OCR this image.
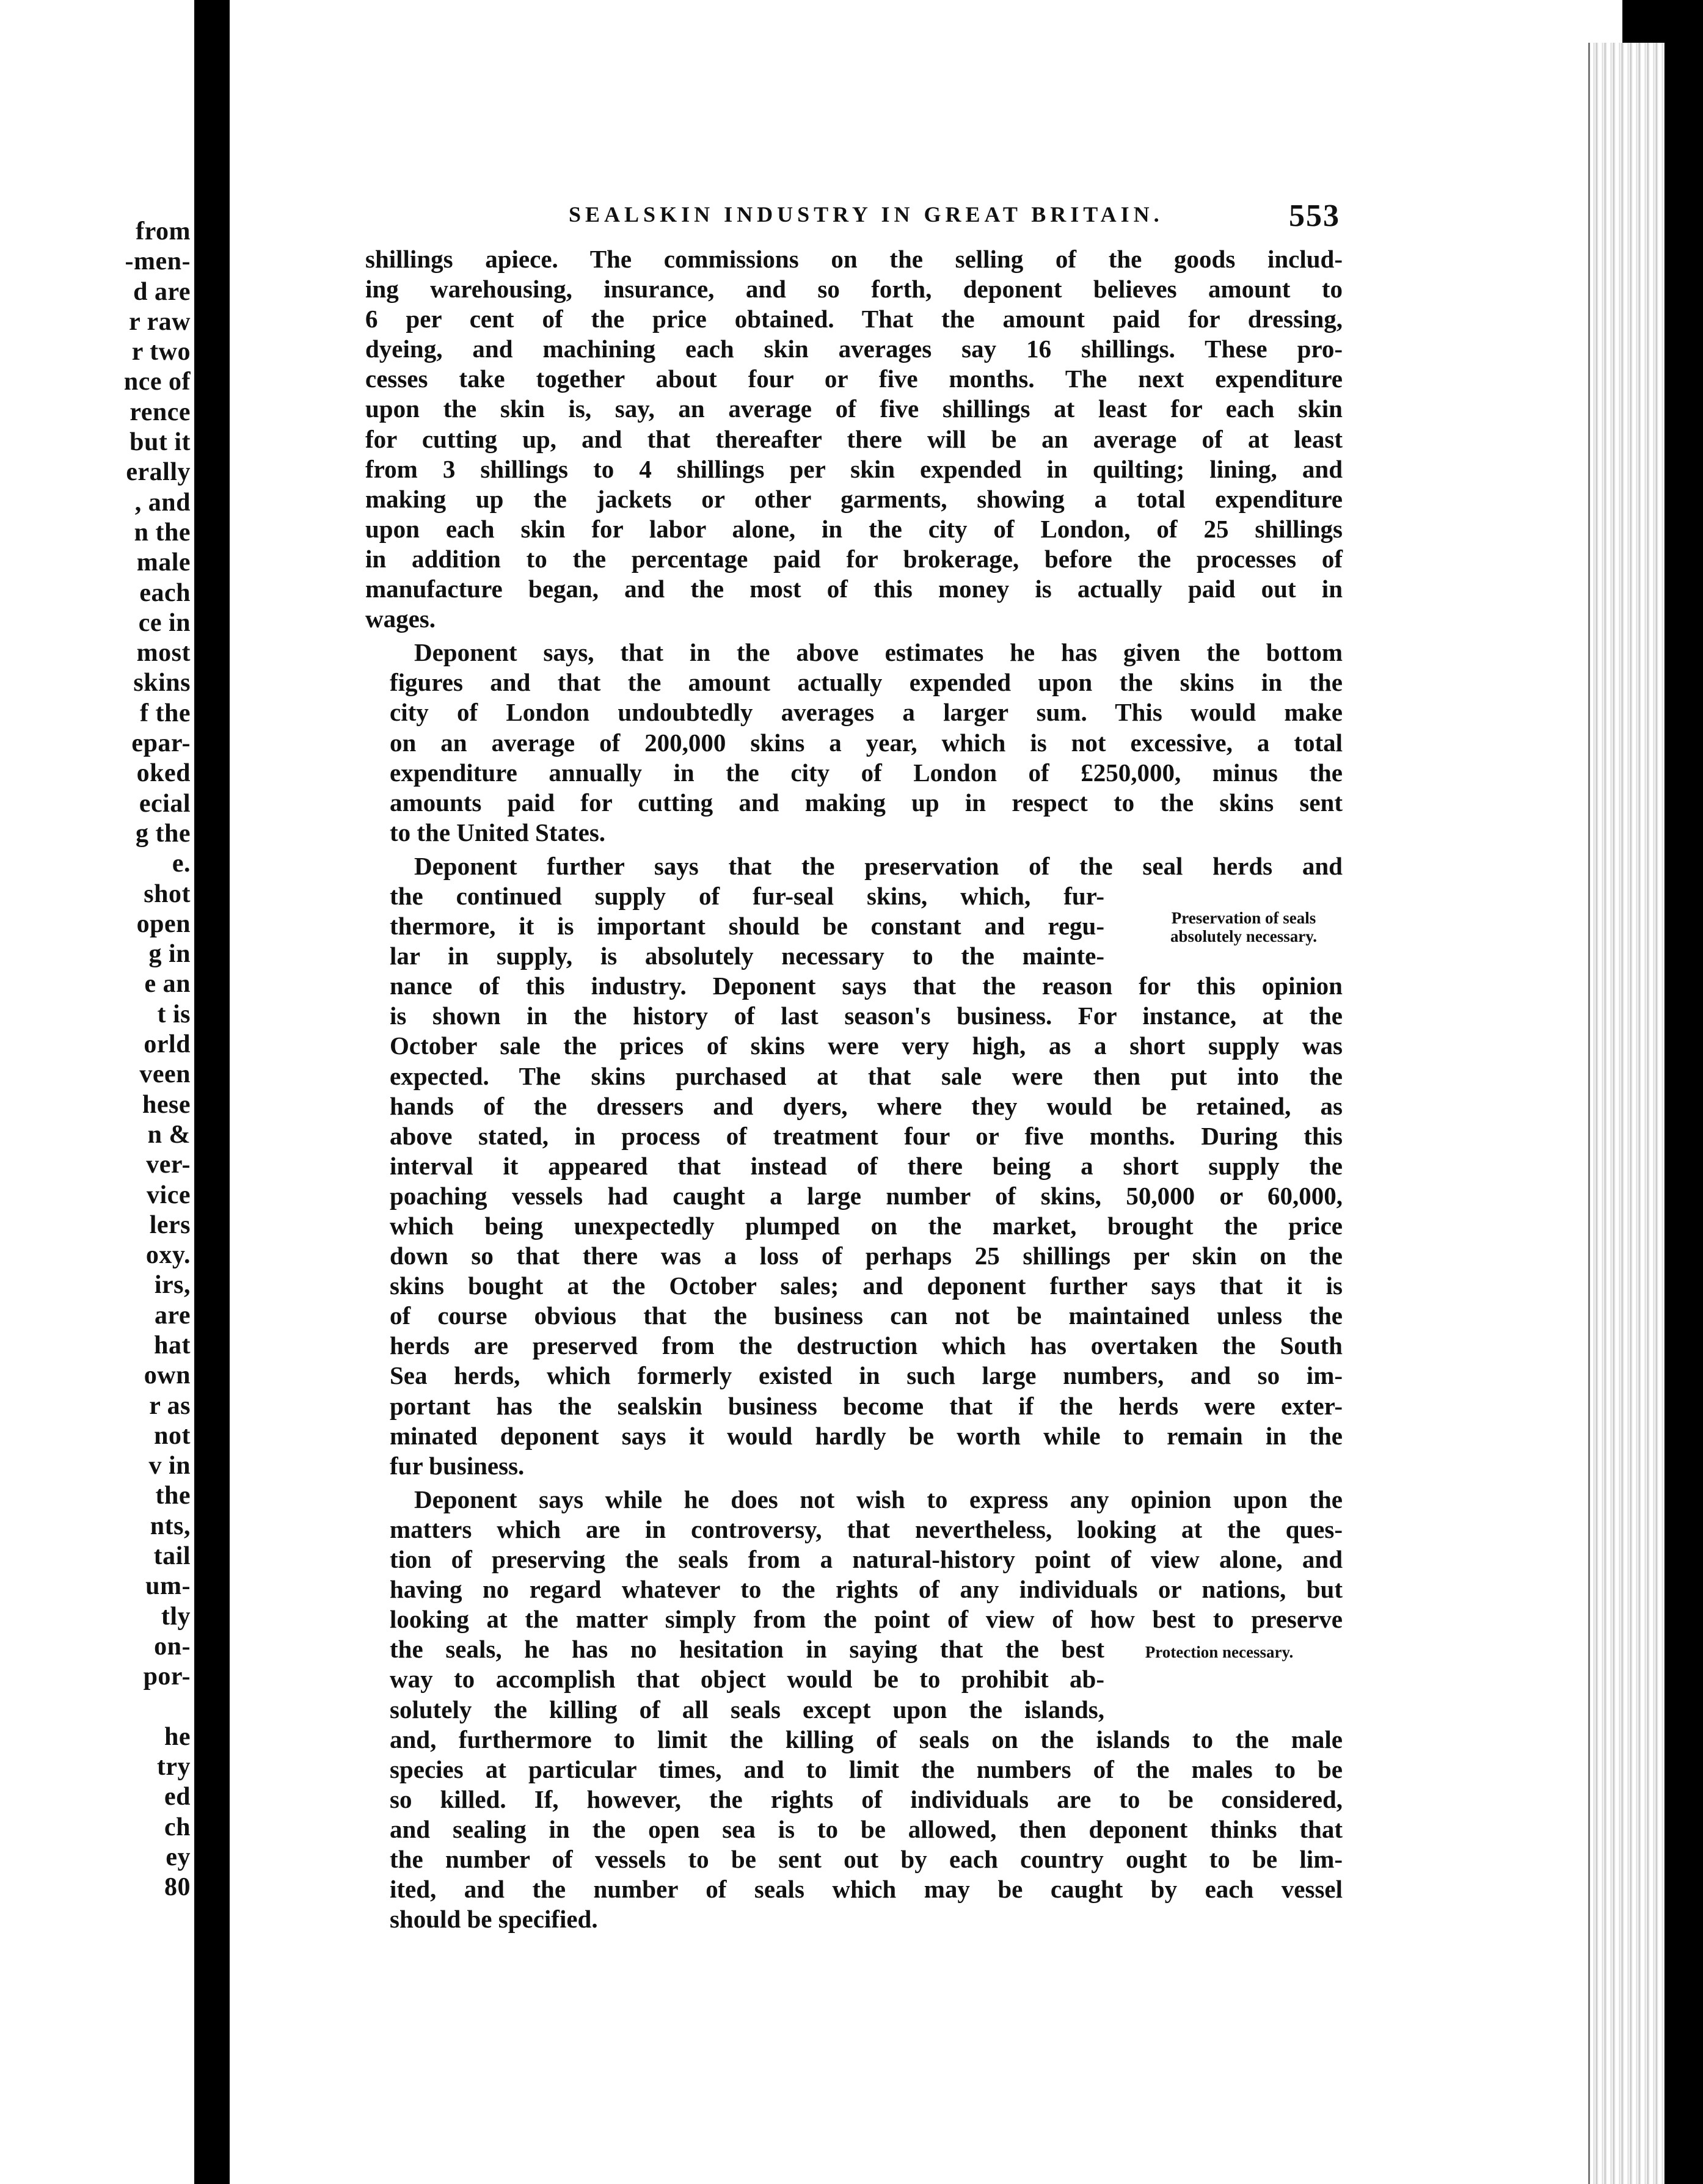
from
-men-
d are
r raw
r two
nce of
rence
but it
erally
, and
n the
male
each
ce in
most
skins
f the
epar-
oked
ecial
g the
e.
shot
open
g in
e an
t is
orld
veen
hese
n &
ver-
vice
lers
oxy.
irs,
are
hat
own
r as
not
v in
the
nts,
tail
um-
tly
on-
por-

he
try
ed
ch
ey
80
SEALSKIN INDUSTRY IN GREAT BRITAIN.	553
shillings apiece. The commissions on the selling of the goods includ-
ing warehousing, insurance, and so forth, deponent believes amount to
6 per cent of the price obtained. That the amount paid for dressing,
dyeing, and machining each skin averages say 16 shillings. These pro-
cesses take together about four or five months. The next expenditure
upon the skin is, say, an average of five shillings at least for each skin
for cutting up, and that thereafter there will be an average of at least
from 3 shillings to 4 shillings per skin expended in quilting; lining, and
making up the jackets or other garments, showing a total expenditure
upon each skin for labor alone, in the city of London, of 25 shillings
in addition to the percentage paid for brokerage, before the processes of
manufacture began, and the most of this money is actually paid out in
wages.
Deponent says, that in the above estimates he has given the bottom
figures and that the amount actually expended upon the skins in the
city of London undoubtedly averages a larger sum. This would make
on an average of 200,000 skins a year, which is not excessive, a total
expenditure annually in the city of London of £250,000, minus the
amounts paid for cutting and making up in respect to the skins sent
to the United States.
Deponent further says that the preservation of the seal herds and
the continued supply of fur-seal skins, which, fur-
thermore, it is important should be constant and regu-
lar in supply, is absolutely necessary to the mainte-
nance of this industry. Deponent says that the reason for this opinion
is shown in the history of last season's business. For instance, at the
October sale the prices of skins were very high, as a short supply was
expected. The skins purchased at that sale were then put into the
hands of the dressers and dyers, where they would be retained, as
above stated, in process of treatment four or five months. During this
interval it appeared that instead of there being a short supply the
poaching vessels had caught a large number of skins, 50,000 or 60,000,
which being unexpectedly plumped on the market, brought the price
down so that there was a loss of perhaps 25 shillings per skin on the
skins bought at the October sales; and deponent further says that it is
of course obvious that the business can not be maintained unless the
herds are preserved from the destruction which has overtaken the South
Sea herds, which formerly existed in such large numbers, and so im-
portant has the sealskin business become that if the herds were exter-
minated deponent says it would hardly be worth while to remain in the
fur business.
Deponent says while he does not wish to express any opinion upon the
matters which are in controversy, that nevertheless, looking at the ques-
tion of preserving the seals from a natural-history point of view alone, and
having no regard whatever to the rights of any individuals or nations, but
looking at the matter simply from the point of view of how best to preserve
the seals, he has no hesitation in saying that the best
way to accomplish that object would be to prohibit ab-
solutely the killing of all seals except upon the islands,
and, furthermore to limit the killing of seals on the islands to the male
species at particular times, and to limit the numbers of the males to be
so killed. If, however, the rights of individuals are to be considered,
and sealing in the open sea is to be allowed, then deponent thinks that
the number of vessels to be sent out by each country ought to be lim-
ited, and the number of seals which may be caught by each vessel
should be specified.
Preservation of seals absolutely necessary.
Protection necessary.
